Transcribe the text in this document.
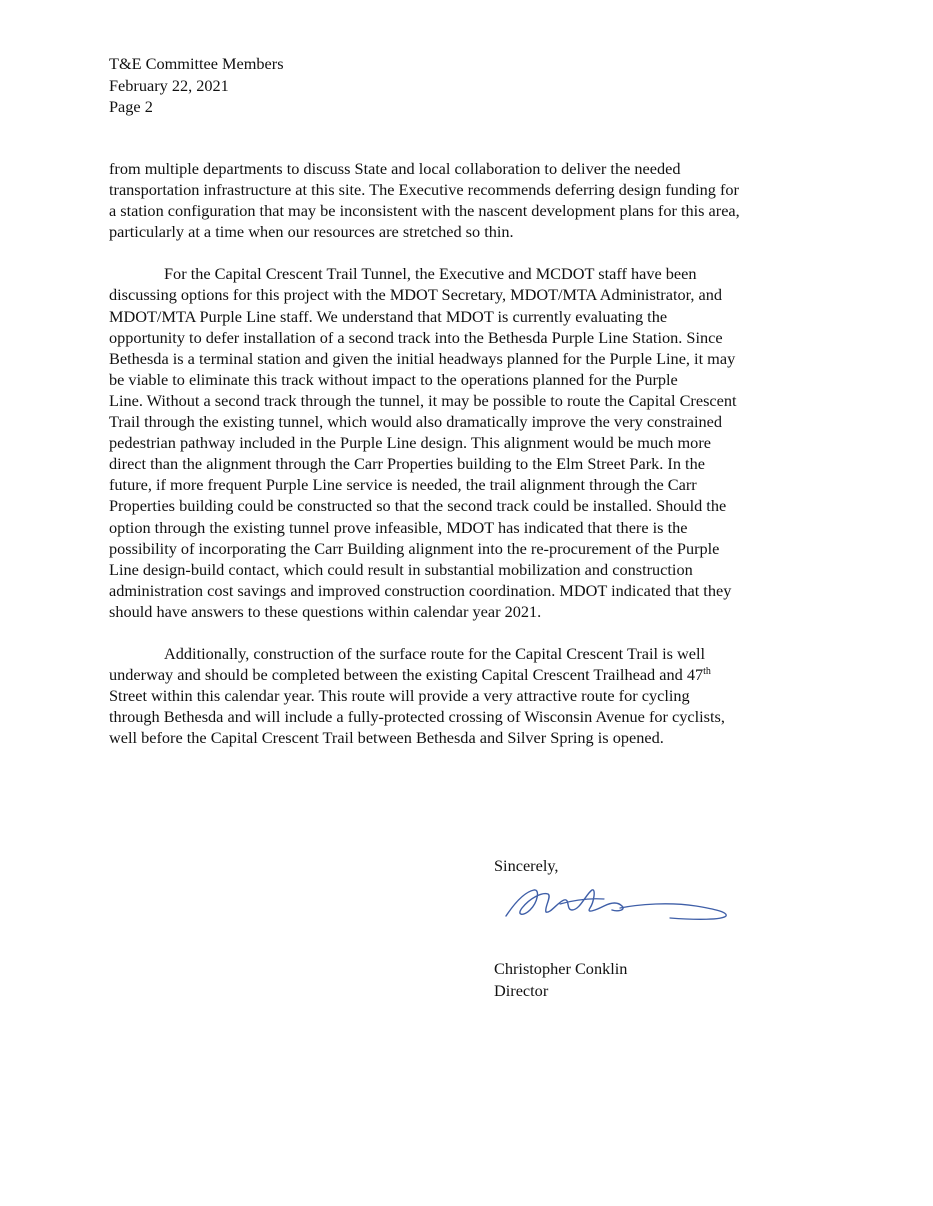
T&E Committee Members
February 22, 2021
Page 2

from multiple departments to discuss State and local collaboration to deliver the needed
transportation infrastructure at this site. The Executive recommends deferring design funding for
a station configuration that may be inconsistent with the nascent development plans for this area,
particularly at a time when our resources are stretched so thin.

For the Capital Crescent Trail Tunnel, the Executive and MCDOT staff have been
discussing options for this project with the MDOT Secretary, MDOT/MTA Administrator, and
MDOT/MTA Purple Line staff. We understand that MDOT is currently evaluating the
opportunity to defer installation of a second track into the Bethesda Purple Line Station. Since
Bethesda is a terminal station and given the initial headways planned for the Purple Line, it may
be viable to eliminate this track without impact to the operations planned for the Purple
Line. Without a second track through the tunnel, it may be possible to route the Capital Crescent
Trail through the existing tunnel, which would also dramatically improve the very constrained
pedestrian pathway included in the Purple Line design. This alignment would be much more
direct than the alignment through the Carr Properties building to the Elm Street Park. In the
future, if more frequent Purple Line service is needed, the trail alignment through the Carr
Properties building could be constructed so that the second track could be installed. Should the
option through the existing tunnel prove infeasible, MDOT has indicated that there is the
possibility of incorporating the Carr Building alignment into the re-procurement of the Purple
Line design-build contact, which could result in substantial mobilization and construction
administration cost savings and improved construction coordination. MDOT indicated that they
should have answers to these questions within calendar year 2021.

Additionally, construction of the surface route for the Capital Crescent Trail is well
underway and should be completed between the existing Capital Crescent Trailhead and 47th
Street within this calendar year. This route will provide a very attractive route for cycling
through Bethesda and will include a fully-protected crossing of Wisconsin Avenue for cyclists,
well before the Capital Crescent Trail between Bethesda and Silver Spring is opened.

Sincerely,
Christopher Conklin
Director
